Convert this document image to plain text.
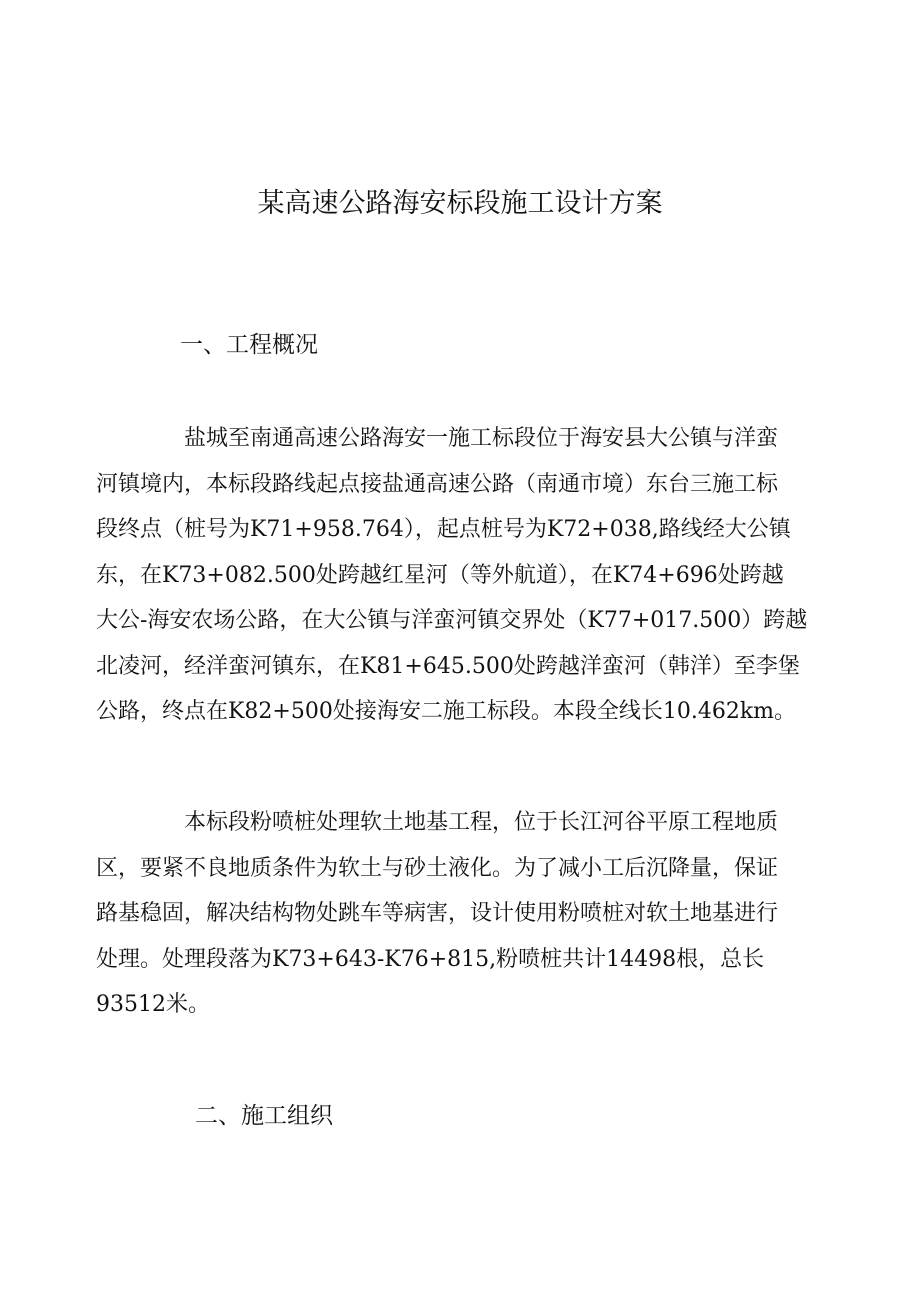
某高速公路海安标段施工设计方案
一、工程概况
　　　　盐城至南通高速公路海安一施工标段位于海安县大公镇与洋蛮
河镇境内，本标段路线起点接盐通高速公路（南通市境）东台三施工标
段终点（桩号为K71+958.764），起点桩号为K72+038,路线经大公镇
东，在K73+082.500处跨越红星河（等外航道），在K74+696处跨越
大公-海安农场公路，在大公镇与洋蛮河镇交界处（K77+017.500）跨越
北凌河，经洋蛮河镇东，在K81+645.500处跨越洋蛮河（韩洋）至李堡
公路，终点在K82+500处接海安二施工标段。本段全线长10.462km。
　　　　本标段粉喷桩处理软土地基工程，位于长江河谷平原工程地质
区，要紧不良地质条件为软土与砂土液化。为了减小工后沉降量，保证
路基稳固，解决结构物处跳车等病害，设计使用粉喷桩对软土地基进行
处理。处理段落为K73+643-K76+815,粉喷桩共计14498根，总长
93512米。
二、施工组织
